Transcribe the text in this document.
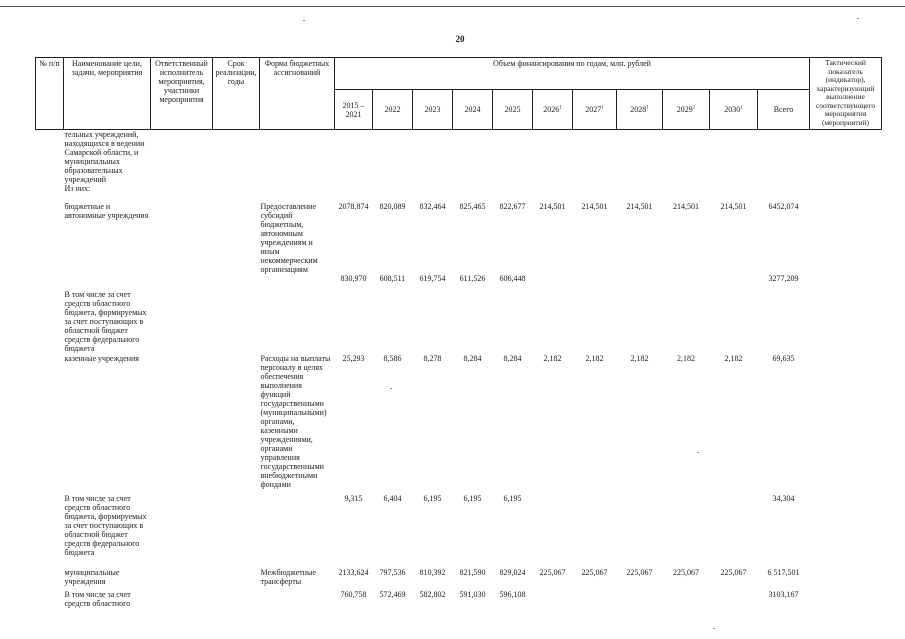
20
№ п/п	Наименование цели, задачи, мероприятия	Ответственный исполнитель мероприятия, участники мероприятия	Срок реализации, годы	Форма бюджетных ассигнований	Объем финансирования по годам, млн. рублей											Тактический показатель (индикатор), характеризующий выполнение соответствующего мероприятия (мероприятий)
					2015 – 2021	2022	2023	2024	2025	2026$^1$	2027$^1$	2028$^1$	2029$^1$	2030$^1$	Всего	
	тельных учреждений, находящихся в ведении Самарской области, и муниципальных образовательных учреждений
Из них:															
	бюджетные и автономные учреждения			Предоставление субсидий бюджетным, автономным учреждениям и иным некоммерческим организациям	2078,874	820,089	832,464	825,465	822,677	214,501	214,501	214,501	214,501	214,501	6452,074	
					830,970	608,511	619,754	611,526	606,448						3277,209	
	В том числе за счет средств областного бюджета, формируемых за счет поступающих в областной бюджет средств федерального бюджета															
	казенные учреждения			Расходы на выплаты персоналу в целях обеспечения выполнения функций государственными (муниципальными) органами, казенными учреждениями, органами управления государственными внебюджетными фондами	25,293	8,586	8,278	8,284	8,284	2,182	2,182	2,182	2,182	2,182	69,635	
	В том числе за счет средств областного бюджета, формируемых за счет поступающих в областной бюджет средств федерального бюджета				9,315	6,404	6,195	6,195	6,195						34,304	
	муниципальные учреждения			Межбюджетные трансферты	2133,624	797,536	810,392	821,590	829,024	225,067	225,067	225,067	225,067	225,067	6 517,501	
	В том числе за счет средств областного				760,758	572,469	582,802	591,030	596,108						3103,167	
